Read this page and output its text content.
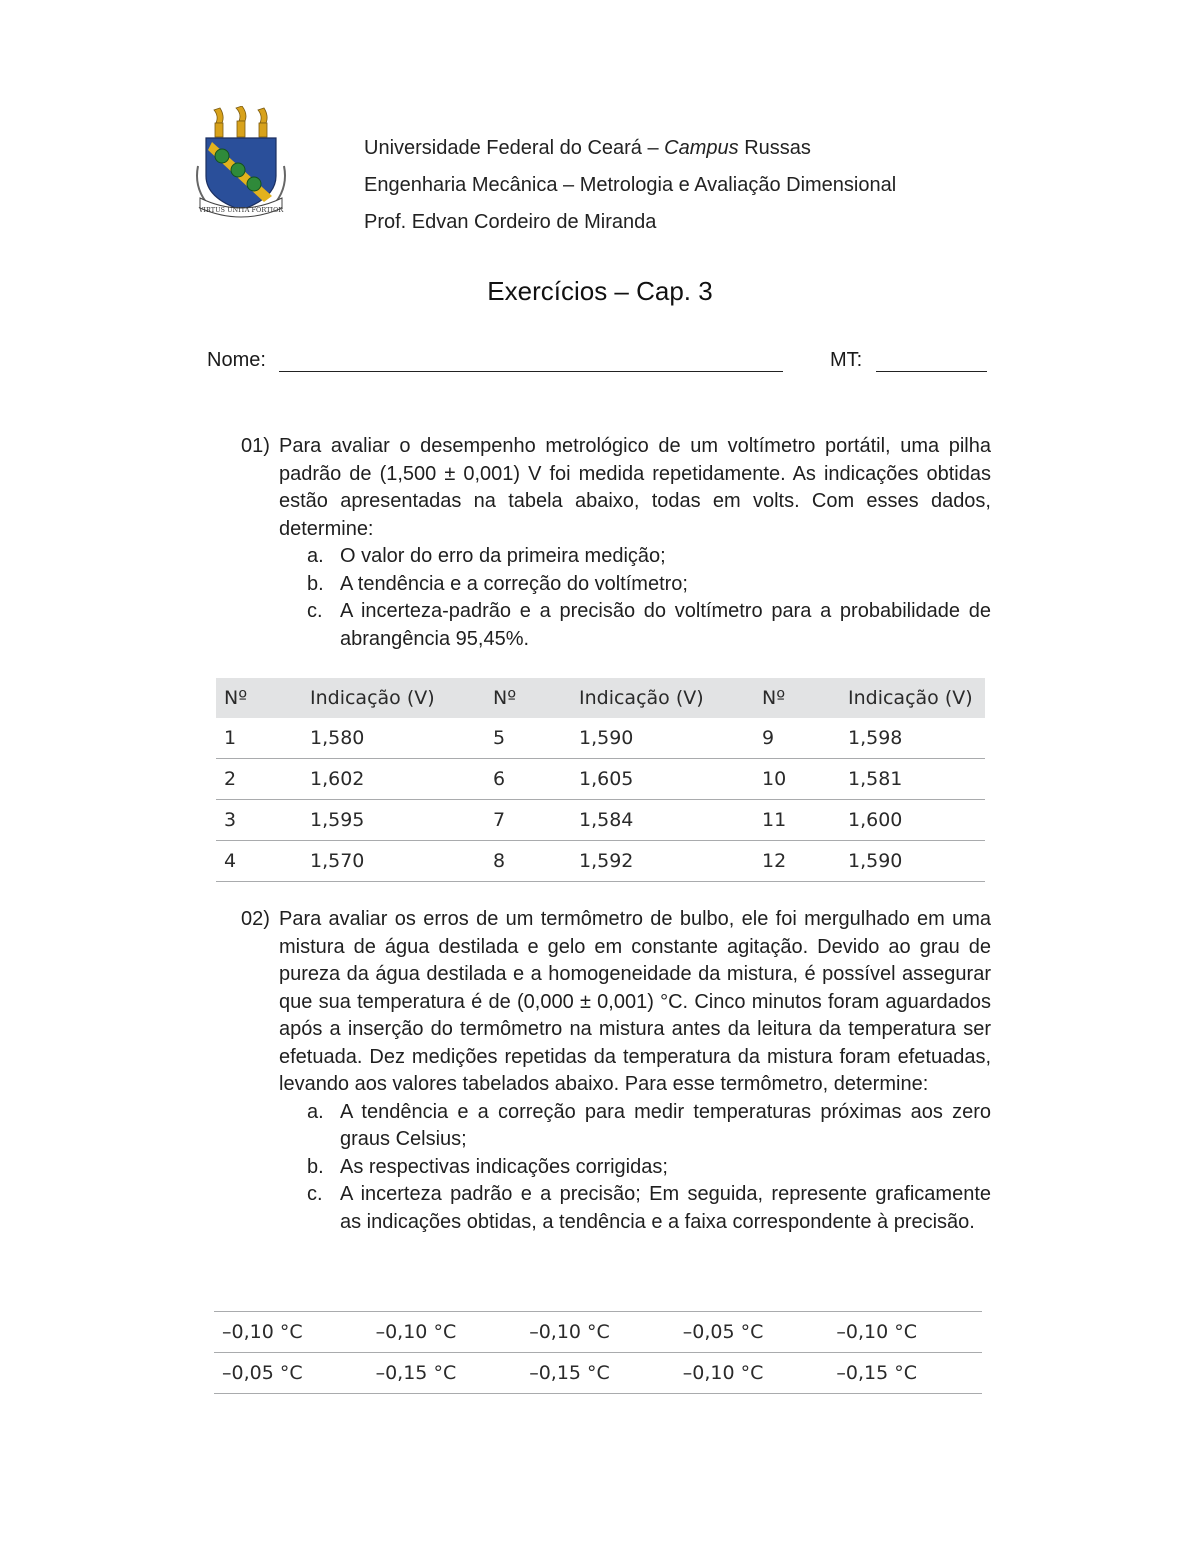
VIRTUS UNITA FORTIOR
Universidade Federal do Ceará – Campus Russas
Engenharia Mecânica – Metrologia e Avaliação Dimensional
Prof. Edvan Cordeiro de Miranda
Exercícios – Cap. 3
Nome:	MT:
01) Para avaliar o desempenho metrológico de um voltímetro portátil, uma pilha padrão de (1,500 ± 0,001) V foi medida repetidamente. As indicações obtidas estão apresentadas na tabela abaixo, todas em volts. Com esses dados, determine:
a. O valor do erro da primeira medição;
b. A tendência e a correção do voltímetro;
c. A incerteza-padrão e a precisão do voltímetro para a probabilidade de abrangência 95,45%.
Nº	Indicação (V)	Nº	Indicação (V)	Nº	Indicação (V)
1	1,580	5	1,590	9	1,598
2	1,602	6	1,605	10	1,581
3	1,595	7	1,584	11	1,600
4	1,570	8	1,592	12	1,590
02) Para avaliar os erros de um termômetro de bulbo, ele foi mergulhado em uma mistura de água destilada e gelo em constante agitação. Devido ao grau de pureza da água destilada e a homogeneidade da mistura, é possível assegurar que sua temperatura é de (0,000 ± 0,001) °C. Cinco minutos foram aguardados após a inserção do termômetro na mistura antes da leitura da temperatura ser efetuada. Dez medições repetidas da temperatura da mistura foram efetuadas, levando aos valores tabelados abaixo. Para esse termômetro, determine:
a. A tendência e a correção para medir temperaturas próximas aos zero graus Celsius;
b. As respectivas indicações corrigidas;
c. A incerteza padrão e a precisão; Em seguida, represente graficamente as indicações obtidas, a tendência e a faixa correspondente à precisão.
–0,10 °C	–0,10 °C	–0,10 °C	–0,05 °C	–0,10 °C
–0,05 °C	–0,15 °C	–0,15 °C	–0,10 °C	–0,15 °C
